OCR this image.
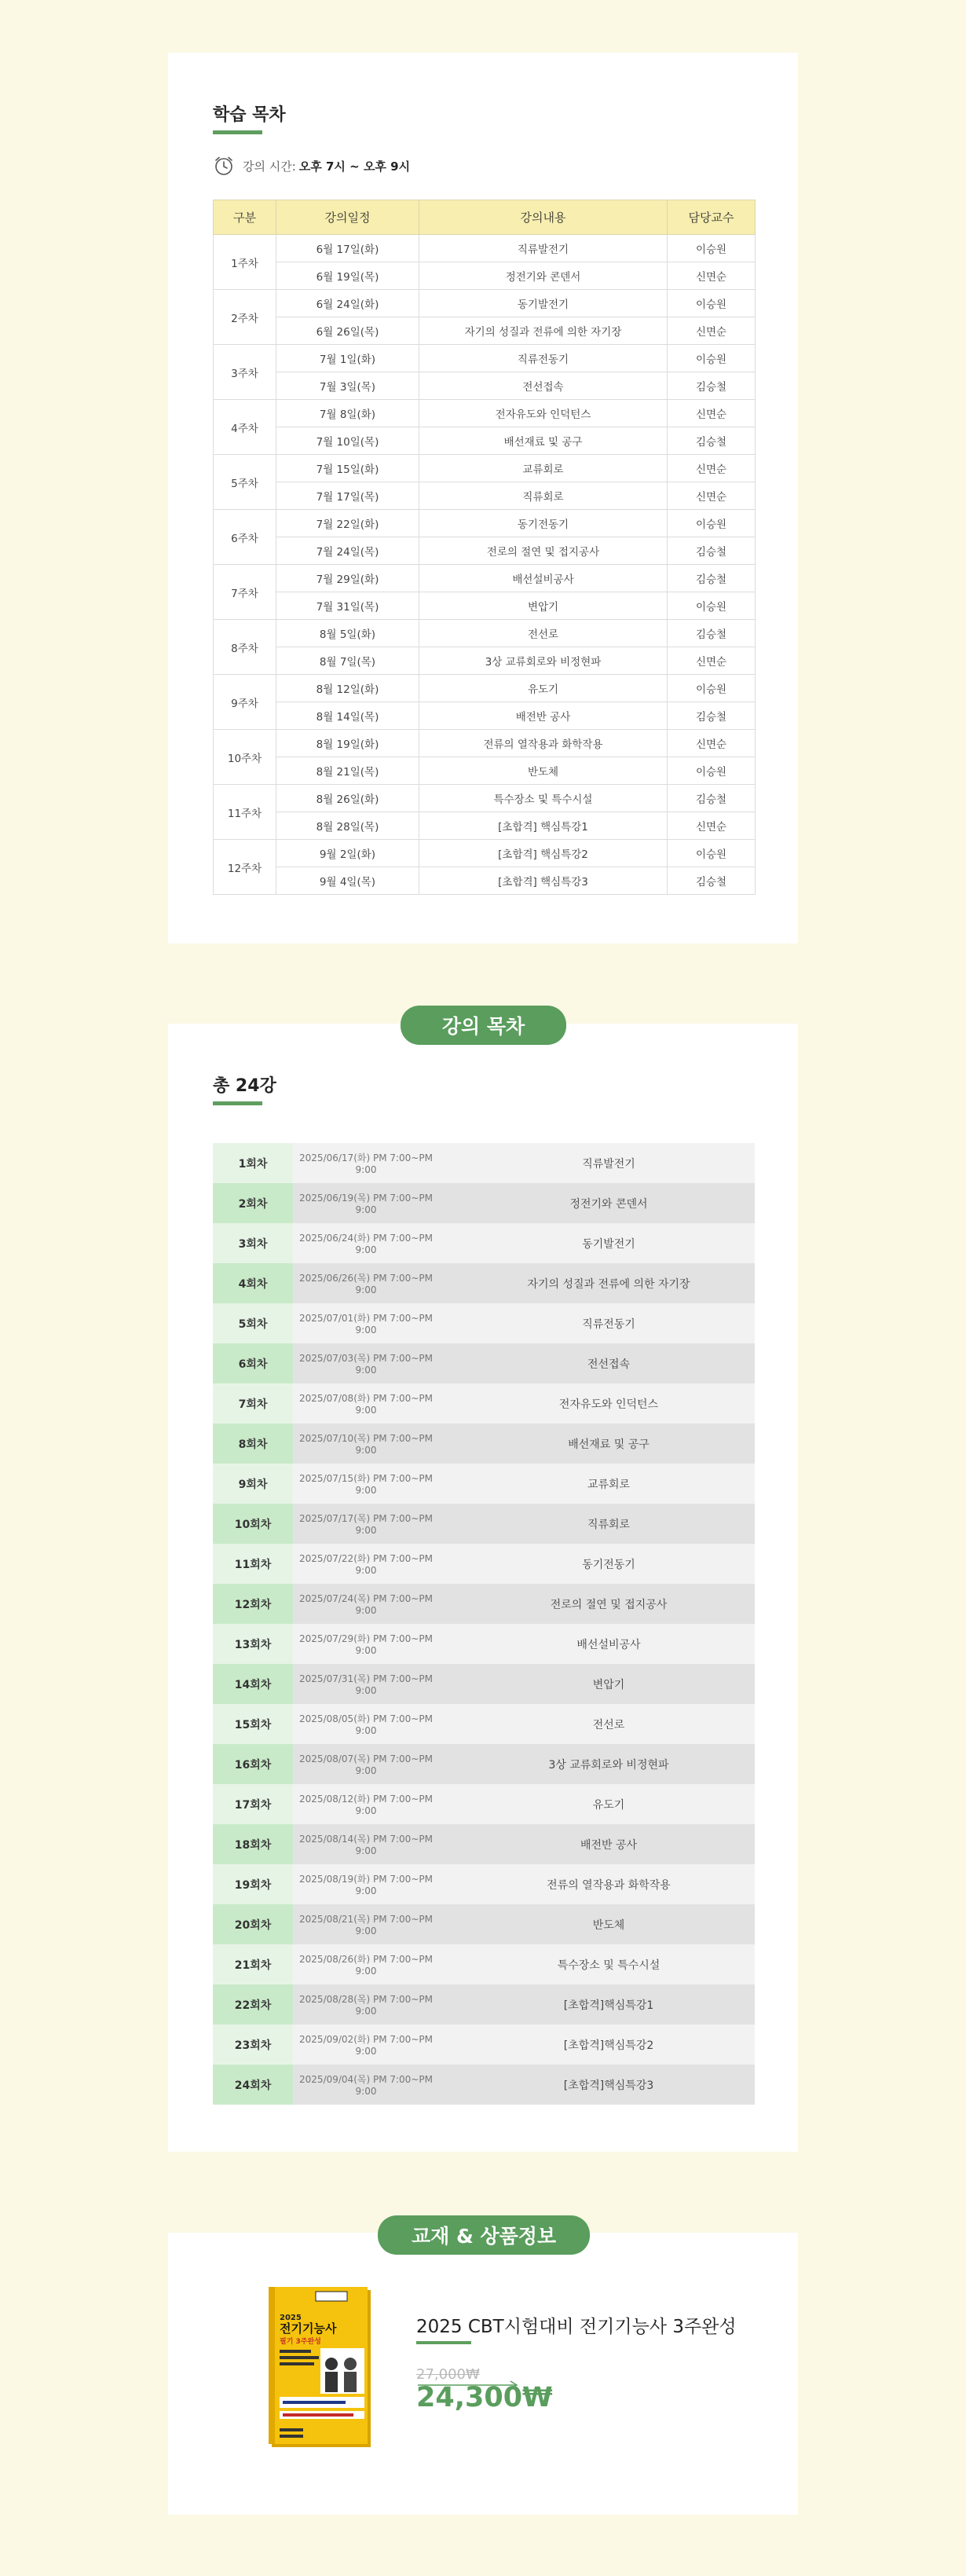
학습 목차
강의 시간: 오후 7시 ~ 오후 9시
구분	강의일정	강의내용	담당교수
1주차	6월 17일(화)	직류발전기	이승원
	6월 19일(목)	정전기와 콘덴서	신면순
2주차	6월 24일(화)	동기발전기	이승원
	6월 26일(목)	자기의 성질과 전류에 의한 자기장	신면순
3주차	7월 1일(화)	직류전동기	이승원
	7월 3일(목)	전선접속	김승철
4주차	7월 8일(화)	전자유도와 인덕턴스	신면순
	7월 10일(목)	배선재료 및 공구	김승철
5주차	7월 15일(화)	교류회로	신면순
	7월 17일(목)	직류회로	신면순
6주차	7월 22일(화)	동기전동기	이승원
	7월 24일(목)	전로의 절연 및 접지공사	김승철
7주차	7월 29일(화)	배선설비공사	김승철
	7월 31일(목)	변압기	이승원
8주차	8월 5일(화)	전선로	김승철
	8월 7일(목)	3상 교류회로와 비정현파	신면순
9주차	8월 12일(화)	유도기	이승원
	8월 14일(목)	배전반 공사	김승철
10주차	8월 19일(화)	전류의 열작용과 화학작용	신면순
	8월 21일(목)	반도체	이승원
11주차	8월 26일(화)	특수장소 및 특수시설	김승철
	8월 28일(목)	[초합격] 핵심특강1	신면순
12주차	9월 2일(화)	[초합격] 핵심특강2	이승원
	9월 4일(목)	[초합격] 핵심특강3	김승철
총 24강
1회차	2025/06/17(화) PM 7:00~PM 9:00	직류발전기
2회차	2025/06/19(목) PM 7:00~PM 9:00	정전기와 콘덴서
3회차	2025/06/24(화) PM 7:00~PM 9:00	동기발전기
4회차	2025/06/26(목) PM 7:00~PM 9:00	자기의 성질과 전류에 의한 자기장
5회차	2025/07/01(화) PM 7:00~PM 9:00	직류전동기
6회차	2025/07/03(목) PM 7:00~PM 9:00	전선접속
7회차	2025/07/08(화) PM 7:00~PM 9:00	전자유도와 인덕턴스
8회차	2025/07/10(목) PM 7:00~PM 9:00	배선재료 및 공구
9회차	2025/07/15(화) PM 7:00~PM 9:00	교류회로
10회차	2025/07/17(목) PM 7:00~PM 9:00	직류회로
11회차	2025/07/22(화) PM 7:00~PM 9:00	동기전동기
12회차	2025/07/24(목) PM 7:00~PM 9:00	전로의 절연 및 접지공사
13회차	2025/07/29(화) PM 7:00~PM 9:00	배선설비공사
14회차	2025/07/31(목) PM 7:00~PM 9:00	변압기
15회차	2025/08/05(화) PM 7:00~PM 9:00	전선로
16회차	2025/08/07(목) PM 7:00~PM 9:00	3상 교류회로와 비정현파
17회차	2025/08/12(화) PM 7:00~PM 9:00	유도기
18회차	2025/08/14(목) PM 7:00~PM 9:00	배전반 공사
19회차	2025/08/19(화) PM 7:00~PM 9:00	전류의 열작용과 화학작용
20회차	2025/08/21(목) PM 7:00~PM 9:00	반도체
21회차	2025/08/26(화) PM 7:00~PM 9:00	특수장소 및 특수시설
22회차	2025/08/28(목) PM 7:00~PM 9:00	[초합격]핵심특강1
23회차	2025/09/02(화) PM 7:00~PM 9:00	[초합격]핵심특강2
24회차	2025/09/04(목) PM 7:00~PM 9:00	[초합격]핵심특강3
강의 목차
2025
전기기능사
필기 3주완성
2025 CBT시험대비 전기기능사 3주완성
27,000₩
24,300₩
교재 & 상품정보
